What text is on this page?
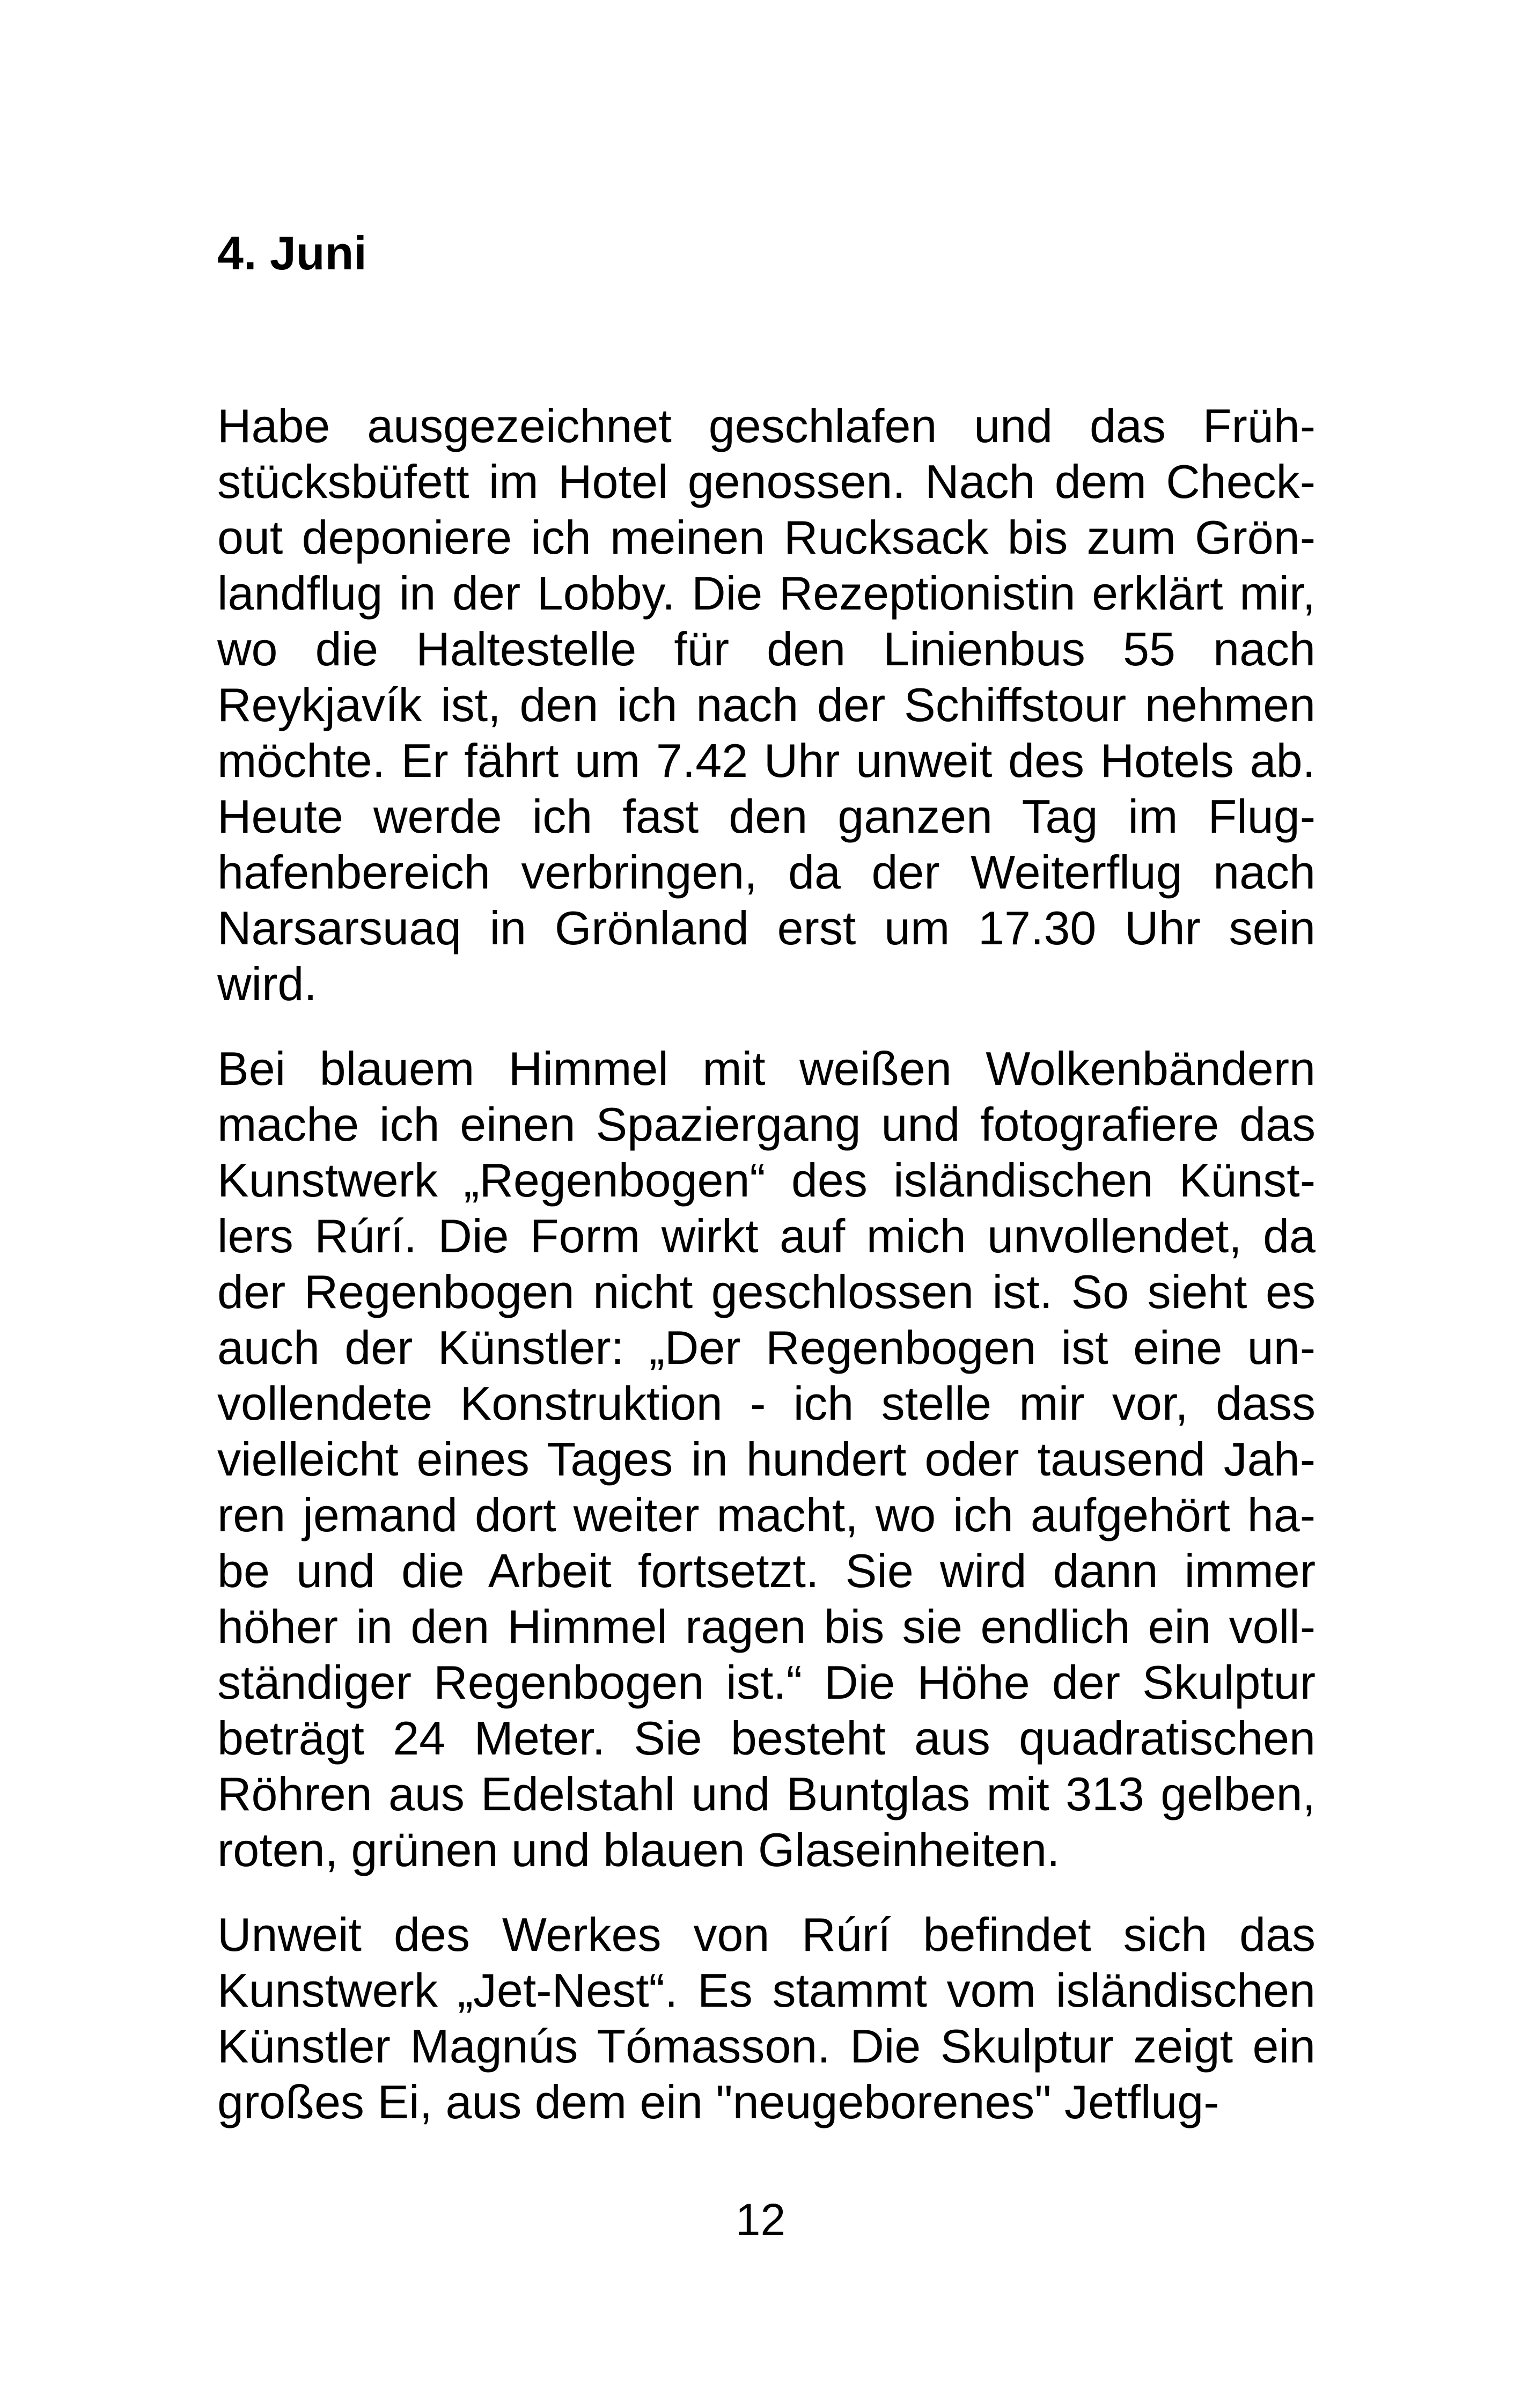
4. Juni

Habe ausgezeichnet geschlafen und das Frühstücksbüfett im Hotel genossen. Nach dem Checkout deponiere ich meinen Rucksack bis zum Grönlandflug in der Lobby. Die Rezeptionistin erklärt mir, wo die Haltestelle für den Linienbus 55 nach Reykjavík ist, den ich nach der Schiffstour nehmen möchte. Er fährt um 7.42 Uhr unweit des Hotels ab. Heute werde ich fast den ganzen Tag im Flughafenbereich verbringen, da der Weiterflug nach Narsarsuaq in Grönland erst um 17.30 Uhr sein wird.

Bei blauem Himmel mit weißen Wolkenbändern mache ich einen Spaziergang und fotografiere das Kunstwerk „Regenbogen“ des isländischen Künstlers Rúrí. Die Form wirkt auf mich unvollendet, da der Regenbogen nicht geschlossen ist. So sieht es auch der Künstler: „Der Regenbogen ist eine unvollendete Konstruktion - ich stelle mir vor, dass vielleicht eines Tages in hundert oder tausend Jahren jemand dort weiter macht, wo ich aufgehört habe und die Arbeit fortsetzt. Sie wird dann immer höher in den Himmel ragen bis sie endlich ein vollständiger Regenbogen ist.“ Die Höhe der Skulptur beträgt 24 Meter. Sie besteht aus quadratischen Röhren aus Edelstahl und Buntglas mit 313 gelben, roten, grünen und blauen Glaseinheiten.

Unweit des Werkes von Rúrí befindet sich das Kunstwerk „Jet-Nest“. Es stammt vom isländischen Künstler Magnús Tómasson. Die Skulptur zeigt ein großes Ei, aus dem ein "neugeborenes" Jetflug-

12
